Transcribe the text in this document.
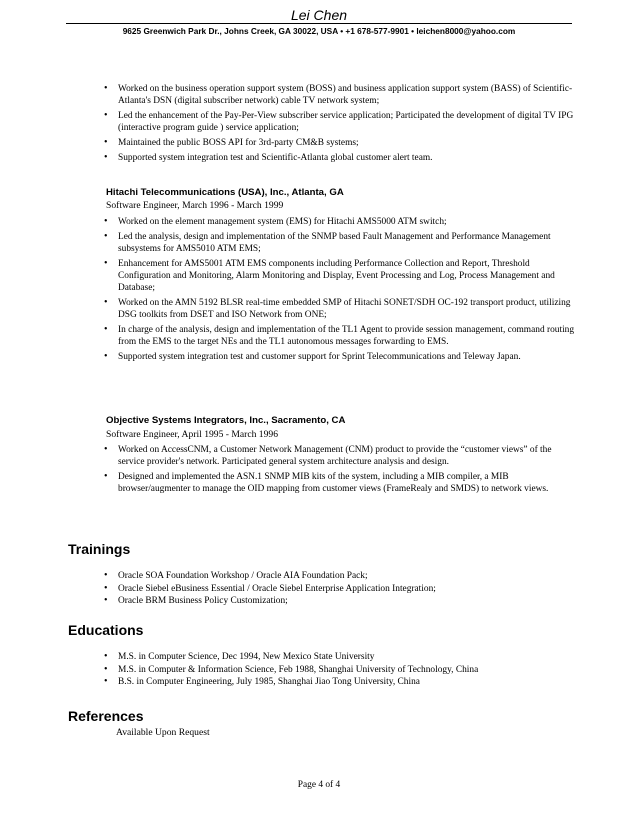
Lei Chen
9625 Greenwich Park Dr., Johns Creek, GA 30022, USA • +1 678-577-9901 • leichen8000@yahoo.com
• Worked on the business operation support system (BOSS) and business application support system (BASS) of Scientific-Atlanta's DSN (digital subscriber network) cable TV network system;
• Led the enhancement of the Pay-Per-View subscriber service application; Participated the development of digital TV IPG (interactive program guide ) service application;
• Maintained the public BOSS API for 3rd-party CM&B systems;
• Supported system integration test and Scientific-Atlanta global customer alert team.
Hitachi Telecommunications (USA), Inc., Atlanta, GA
Software Engineer, March 1996 - March 1999
• Worked on the element management system (EMS) for Hitachi AMS5000 ATM switch;
• Led the analysis, design and implementation of the SNMP based Fault Management and Performance Management subsystems for AMS5010 ATM EMS;
• Enhancement for AMS5001 ATM EMS components including Performance Collection and Report, Threshold Configuration and Monitoring, Alarm Monitoring and Display, Event Processing and Log, Process Management and Database;
• Worked on the AMN 5192 BLSR real-time embedded SMP of Hitachi SONET/SDH OC-192 transport product, utilizing DSG toolkits from DSET and ISO Network from ONE;
• In charge of the analysis, design and implementation of the TL1 Agent to provide session management, command routing from the EMS to the target NEs and the TL1 autonomous messages forwarding to EMS.
• Supported system integration test and customer support for Sprint Telecommunications and Teleway Japan.
Objective Systems Integrators, Inc., Sacramento, CA
Software Engineer, April 1995 - March 1996
• Worked on AccessCNM, a Customer Network Management (CNM) product to provide the “customer views” of the service provider's network. Participated general system architecture analysis and design.
• Designed and implemented the ASN.1 SNMP MIB kits of the system, including a MIB compiler, a MIB browser/augmenter to manage the OID mapping from customer views (FrameRealy and SMDS) to network views.
Trainings
• Oracle SOA Foundation Workshop / Oracle AIA Foundation Pack;
• Oracle Siebel eBusiness Essential / Oracle Siebel Enterprise Application Integration;
• Oracle BRM Business Policy Customization;
Educations
• M.S. in Computer Science, Dec 1994, New Mexico State University
• M.S. in Computer & Information Science, Feb 1988, Shanghai University of Technology, China
• B.S. in Computer Engineering, July 1985, Shanghai Jiao Tong University, China
References
Available Upon Request
Page 4 of 4
